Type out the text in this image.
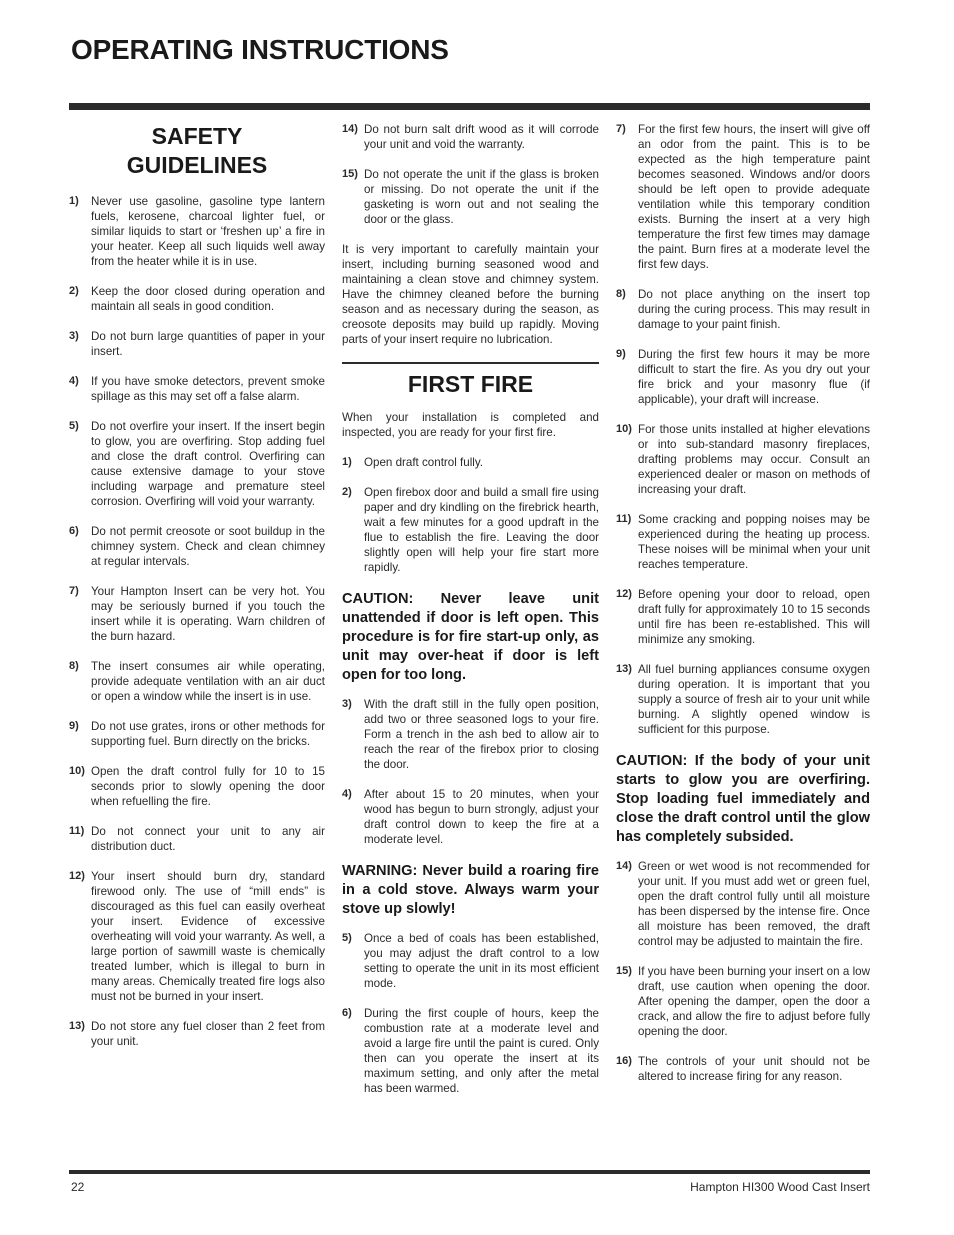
OPERATING INSTRUCTIONS
SAFETY
GUIDELINES
1)	Never use gasoline, gasoline type lantern fuels, kerosene, charcoal lighter fuel, or similar liquids to start or ‘freshen up’ a fire in your heater. Keep all such liquids well away from the heater while it is in use.
2)	Keep the door closed during operation and maintain all seals in good condition.
3)	Do not burn large quantities of paper in your insert.
4)	If you have smoke detectors, prevent smoke spillage as this may set off a false alarm.
5)	Do not overfire your insert. If the insert begin to glow, you are overfiring. Stop adding fuel and close the draft control. Overfiring can cause extensive damage to your stove including warpage and premature steel corrosion. Overfiring will void your warranty.
6)	Do not permit creosote or soot buildup in the chimney system. Check and clean chimney at regular intervals.
7)	Your Hampton Insert can be very hot. You may be seriously burned if you touch the insert while it is operating. Warn children of the burn hazard.
8)	The insert consumes air while operating, provide adequate ventilation with an air duct or open a window while the insert is in use.
9)	Do not use grates, irons or other methods for supporting fuel. Burn directly on the bricks.
10) Open the draft control fully for 10 to 15 seconds prior to slowly opening the door when refuelling the fire.
11) Do not connect your unit to any air distribution duct.
12) Your insert should burn dry, standard firewood only. The use of “mill ends” is discouraged as this fuel can easily overheat your insert. Evidence of excessive overheating will void your warranty. As well, a large portion of sawmill waste is chemically treated lumber, which is illegal to burn in many areas. Chemically treated fire logs also must not be burned in your insert.
13) Do not store any fuel closer than 2 feet from your unit.
14) Do not burn salt drift wood as it will corrode your unit and void the warranty.
15) Do not operate the unit if the glass is broken or missing. Do not operate the unit if the gasketing is worn out and not sealing the door or the glass.

It is very important to carefully maintain your insert, including burning seasoned wood and maintaining a clean stove and chimney system. Have the chimney cleaned before the burning season and as necessary during the season, as creosote deposits may build up rapidly. Moving parts of your insert require no lubrication.

FIRST FIRE

When your installation is completed and inspected, you are ready for your first fire.

1)	Open draft control fully.
2)	Open firebox door and build a small fire using paper and dry kindling on the firebrick hearth, wait a few minutes for a good updraft in the flue to establish the fire. Leaving the door slightly open will help your fire start more rapidly.

CAUTION: Never leave unit unattended if door is left open. This procedure is for fire start-up only, as unit may over-heat if door is left open for too long.

3)	With the draft still in the fully open position, add two or three seasoned logs to your fire. Form a trench in the ash bed to allow air to reach the rear of the firebox prior to closing the door.
4)	After about 15 to 20 minutes, when your wood has begun to burn strongly, adjust your draft control down to keep the fire at a moderate level.

WARNING: Never build a roaring fire in a cold stove. Always warm your stove up slowly!

5)	Once a bed of coals has been established, you may adjust the draft control to a low setting to operate the unit in its most efficient mode.
6)	During the first couple of hours, keep the combustion rate at a moderate level and avoid a large fire until the paint is cured. Only then can you operate the insert at its maximum setting, and only after the metal has been warmed.
7)	For the first few hours, the insert will give off an odor from the paint. This is to be expected as the high temperature paint becomes seasoned. Windows and/or doors should be left open to provide adequate ventilation while this temporary condition exists. Burning the insert at a very high temperature the first few times may damage the paint. Burn fires at a moderate level the first few days.
8)	Do not place anything on the insert top during the curing process. This may result in damage to your paint finish.
9)	During the first few hours it may be more difficult to start the fire. As you dry out your fire brick and your masonry flue (if applicable), your draft will increase.
10) For those units installed at higher elevations or into sub-standard masonry fireplaces, drafting problems may occur. Consult an experienced dealer or mason on methods of increasing your draft.
11) Some cracking and popping noises may be experienced during the heating up process. These noises will be minimal when your unit reaches temperature.
12) Before opening your door to reload, open draft fully for approximately 10 to 15 seconds until fire has been re-established. This will minimize any smoking.
13) All fuel burning appliances consume oxygen during operation. It is important that you supply a source of fresh air to your unit while burning. A slightly opened window is sufficient for this purpose.

CAUTION: If the body of your unit starts to glow you are overfiring. Stop loading fuel immediately and close the draft control until the glow has completely subsided.

14) Green or wet wood is not recommended for your unit. If you must add wet or green fuel, open the draft control fully until all moisture has been dispersed by the intense fire. Once all moisture has been removed, the draft control may be adjusted to maintain the fire.
15) If you have been burning your insert on a low draft, use caution when opening the door. After opening the damper, open the door a crack, and allow the fire to adjust before fully opening the door.
16) The controls of your unit should not be altered to increase firing for any reason.
22	Hampton HI300 Wood Cast Insert
